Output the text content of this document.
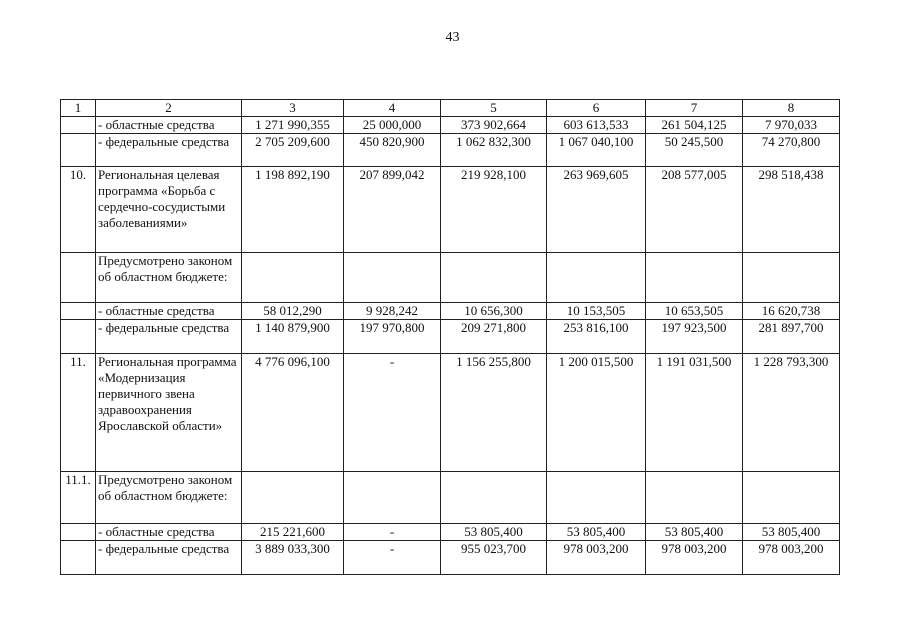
43
1	2	3	4	5	6	7	8
	- областные средства	1 271 990,355	25 000,000	373 902,664	603 613,533	261 504,125	7 970,033
	- федеральные средства	2 705 209,600	450 820,900	1 062 832,300	1 067 040,100	50 245,500	74 270,800
10.	Региональная целевая программа «Борьба с сердечно-сосудистыми заболеваниями»	1 198 892,190	207 899,042	219 928,100	263 969,605	208 577,005	298 518,438
	Предусмотрено законом об областном бюджете:						
	- областные средства	58 012,290	9 928,242	10 656,300	10 153,505	10 653,505	16 620,738
	- федеральные средства	1 140 879,900	197 970,800	209 271,800	253 816,100	197 923,500	281 897,700
11.	Региональная программа «Модернизация первичного звена здравоохранения Ярославской области»	4 776 096,100	-	1 156 255,800	1 200 015,500	1 191 031,500	1 228 793,300
11.1.	Предусмотрено законом об областном бюджете:						
	- областные средства	215 221,600	-	53 805,400	53 805,400	53 805,400	53 805,400
	- федеральные средства	3 889 033,300	-	955 023,700	978 003,200	978 003,200	978 003,200
